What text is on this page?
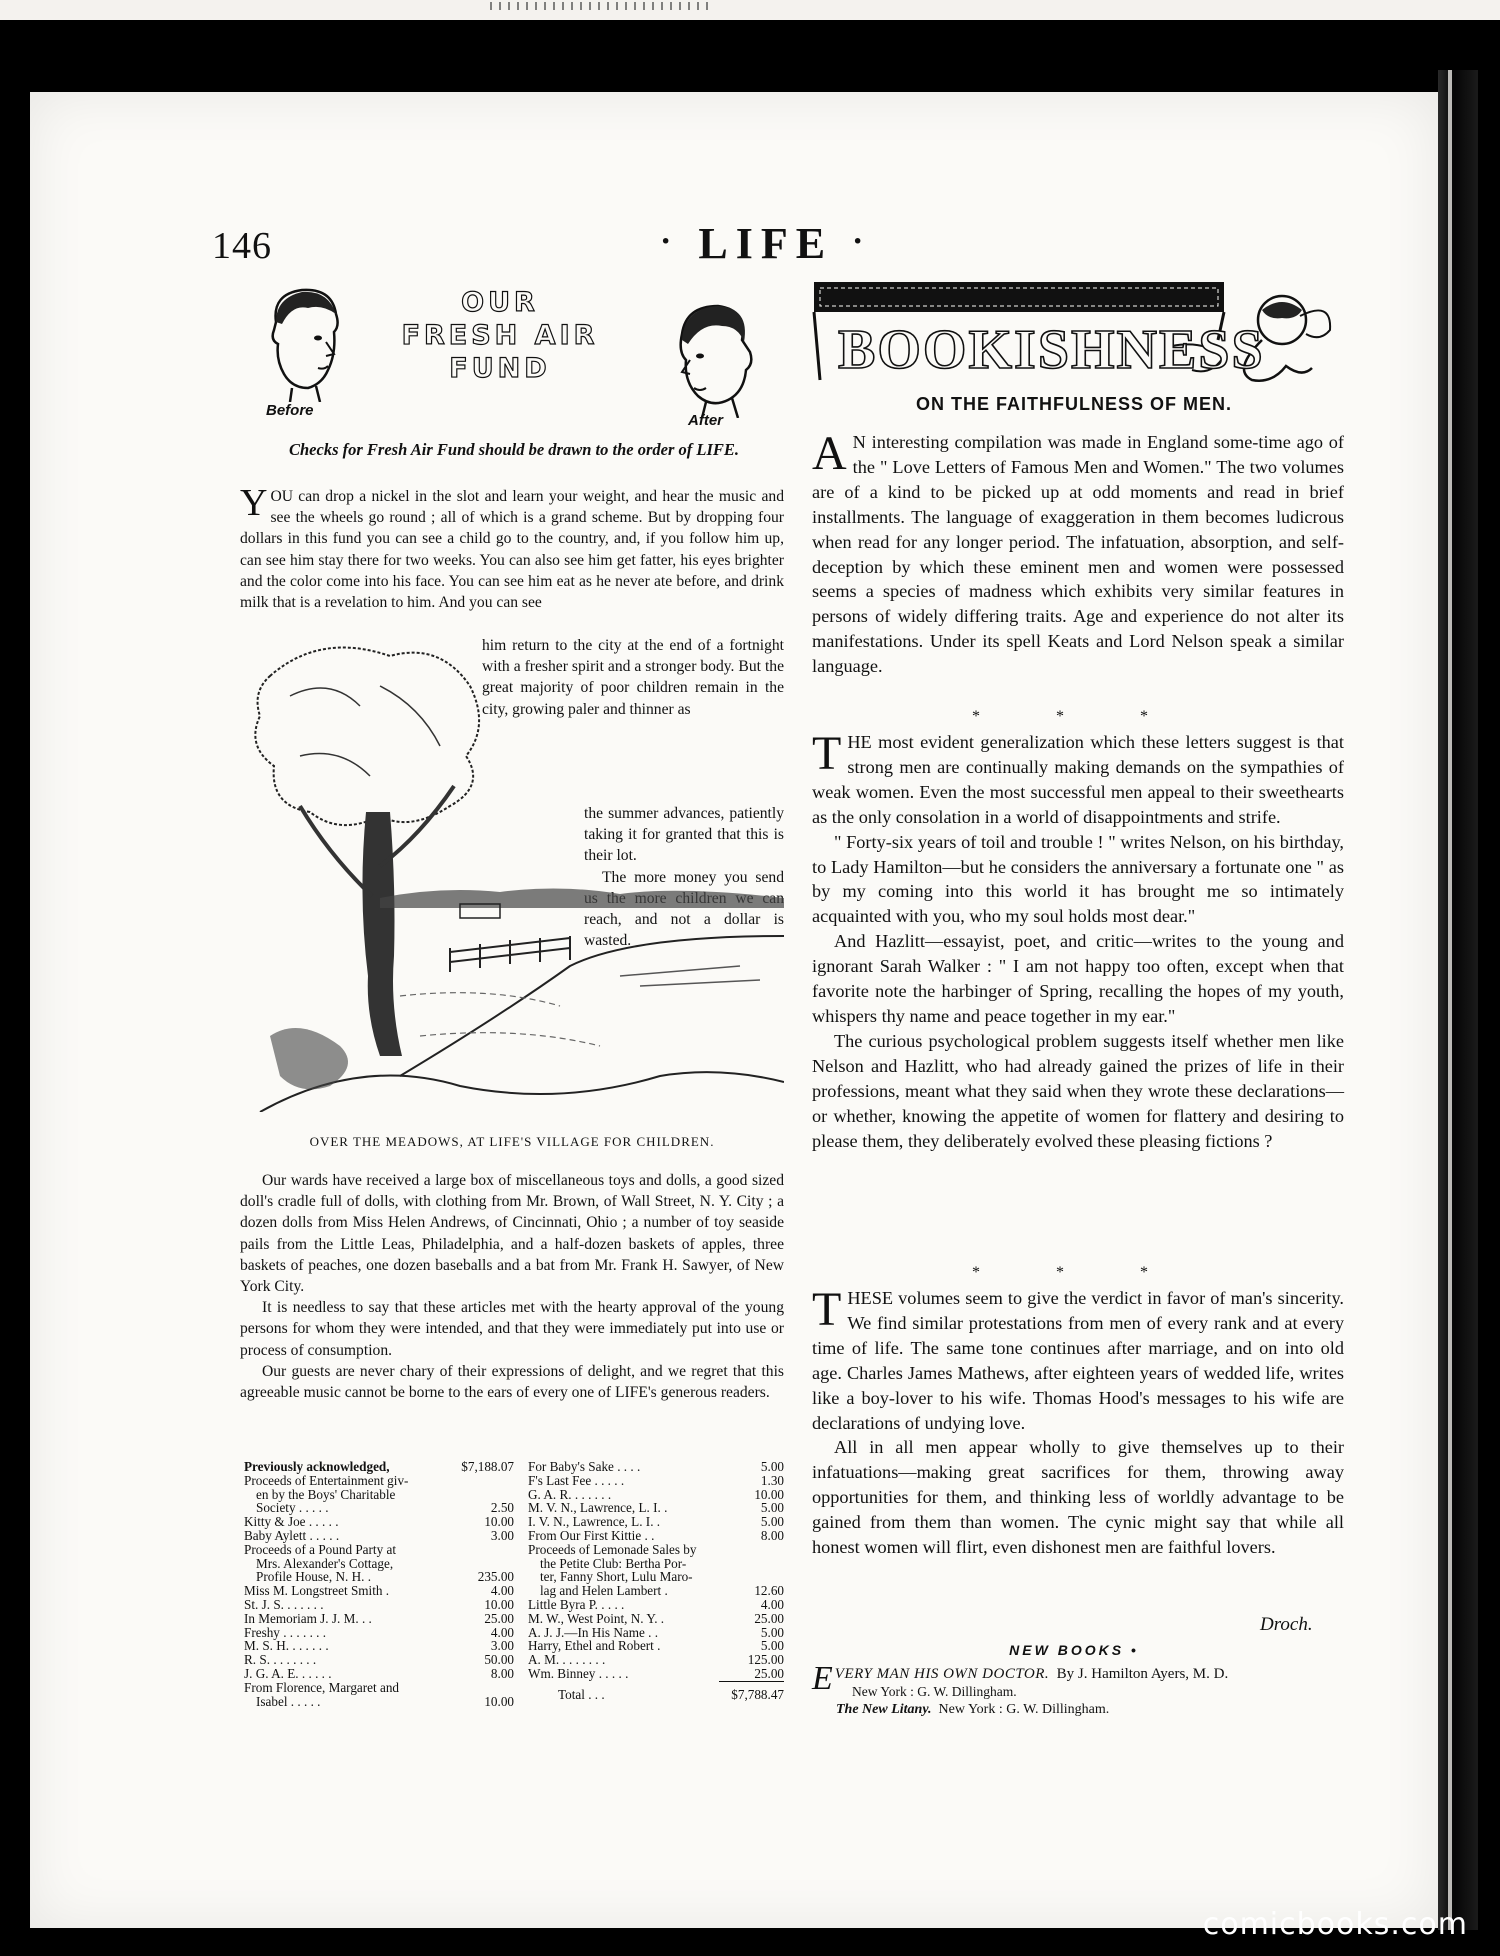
146	· LIFE ·
Before
OUR
FRESH AIR
FUND
After
Checks for Fresh Air Fund should be drawn to the order of LIFE.

YOU can drop a nickel in the slot and learn your weight, and hear the music and see the wheels go round ; all of which is a grand scheme. But by dropping four dollars in this fund you can see a child go to the country, and, if you follow him up, can see him stay there for two weeks. You can also see him get fatter, his eyes brighter and the color come into his face. You can see him eat as he never ate before, and drink milk that is a revelation to him. And you can see

him return to the city at the end of a fortnight with a fresher spirit and a stronger body. But the great majority of poor children remain in the city, growing paler and thinner as

the summer advances, patiently taking it for granted that this is their lot.

The more money you send reach, and not a dollar is wasted.

OVER THE MEADOWS, AT LIFE'S VILLAGE FOR CHILDREN.

Our wards have received a large box of miscellaneous toys and dolls, a good sized doll's cradle full of dolls, with clothing from Mr. Brown, of Wall Street, N. Y. City ; a dozen dolls from Miss Helen Andrews, of Cincinnati, Ohio ; a number of toy seaside pails from the Little Leas, Philadelphia, and a half-dozen baskets of apples, three baskets of peaches, one dozen baseballs and a bat from Mr. Frank H. Sawyer, of New York City.

It is needless to say that these articles met with the hearty approval of the young persons for whom they were intended, and that they were immediately put into use or process of consumption.

Our guests are never chary of their expressions of delight, and we regret that this agreeable music cannot be borne to the ears of every one of LIFE's generous readers.

Previously acknowledged,	$7,188.07
Proceeds of Entertainment giv-	
en by the Boys' Charitable	
Society . . . . .	2.50
Kitty & Joe . . . . .	10.00
Baby Aylett . . . . .	3.00
Proceeds of a Pound Party at	
Mrs. Alexander's Cottage,	
Profile House, N. H. .	235.00
Miss M. Longstreet Smith .	4.00
St. J. S. . . . . . .	10.00
In Memoriam J. J. M. . .	25.00
Freshy . . . . . . .	4.00
M. S. H. . . . . . .	3.00
R. S. . . . . . . .	50.00
J. G. A. E. . . . . .	8.00
From Florence, Margaret and	
Isabel . . . . .	10.00
For Baby's Sake . . . .	5.00
F's Last Fee . . . . .	1.30
G. A. R. . . . . . .	10.00
M. V. N., Lawrence, L. I. .	5.00
I. V. N., Lawrence, L. I. .	5.00
From Our First Kittie . .	8.00
Proceeds of Lemonade Sales by	
the Petite Club: Bertha Por-	
ter, Fanny Short, Lulu Maro-	
lag and Helen Lambert .	12.60
Little Byra P. . . . .	4.00
M. W., West Point, N. Y. .	25.00
A. J. J.—In His Name . .	5.00
Harry, Ethel and Robert .	5.00
A. M. . . . . . . .	125.00
Wm. Binney . . . . .	25.00
Total . . .	$7,788.47
BOOKISHNESS
ON THE FAITHFULNESS OF MEN.

A N interesting compilation was made in England some-time ago of the " Love Letters of Famous Men and Women." The two volumes are of a kind to be picked up at odd moments and read in brief installments. The language of exaggeration in them becomes ludicrous when read for any longer period. The infatuation, absorption, and self-deception by which these eminent men and women were possessed seems a species of madness which exhibits very similar features in persons of widely differing traits. Age and experience do not alter its manifestations. Under its spell Keats and Lord Nelson speak a similar language.

* * *

THE most evident generalization which these letters suggest is that strong men are continually making demands on the sympathies of weak women. Even the most successful men appeal to their sweethearts as the only consolation in a world of disappointments and strife.

" Forty-six years of toil and trouble ! " writes Nelson, on his birthday, to Lady Hamilton—but he considers the anniversary a fortunate one " as by my coming into this world it has brought me so intimately acquainted with you, who my soul holds most dear."

And Hazlitt—essayist, poet, and critic—writes to the young and ignorant Sarah Walker : " I am not happy too often, except when that favorite note the harbinger of Spring, recalling the hopes of my youth, whispers thy name and peace together in my ear."

The curious psychological problem suggests itself whether men like Nelson and Hazlitt, who had already gained the prizes of life in their professions, meant what they said when they wrote these declarations—or whether, knowing the appetite of women for flattery and desiring to please them, they deliberately evolved these pleasing fictions ?

* * *

THESE volumes seem to give the verdict in favor of man's sincerity. We find similar protestations from men of every rank and at every time of life. The same tone continues after marriage, and on into old age. Charles James Mathews, after eighteen years of wedded life, writes like a boy-lover to his wife. Thomas Hood's messages to his wife are declarations of undying love.

All in all men appear wholly to give themselves up to their infatuations—making great sacrifices for them, throwing away opportunities for them, and thinking less of worldly advantage to be gained from them than women. The cynic might say that while all honest women will flirt, even dishonest men are faithful lovers.

Droch.
NEW BOOKS •
EVERY MAN HIS OWN DOCTOR. By J. Hamilton Ayers, M. D.
New York : G. W. Dillingham.
The New Litany. New York : G. W. Dillingham.
comicbooks.com
